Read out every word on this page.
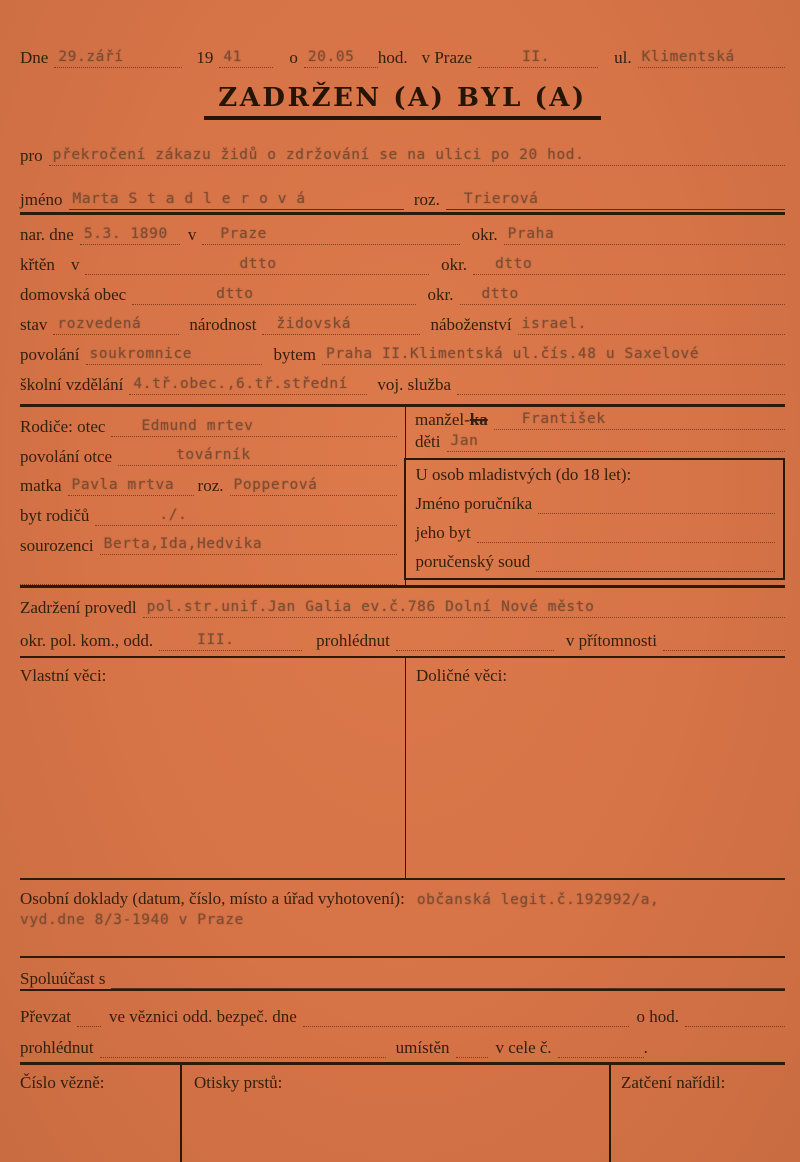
Dne 29.září	19 41	o 20.05	hod. v Praze	II.	ul. Klimentská
ZADRŽEN (A) BYL (A)
pro překročení zákazu židů o zdržování se na ulici po 20 hod.
jméno Marta S t a d l e r o v á	roz.	Trierová
nar. dne 5.3. 1890	v	Praze	okr. Praha
křtěn v	dtto	okr.	dtto
domovská obec	dtto	okr.	dtto
stav rozvedená	národnost	židovská	náboženství israel.
povolání soukromnice	bytem Praha II.Klimentská ul.čís.48 u Saxelové
školní vzdělání 4.tř.obec.,6.tř.střední	voj. služba
Rodiče: otec	Edmund mrtev
povolání otce	továrník
matka Pavla mrtva	roz. Popperová
byt rodičů	./.
sourozenci Berta,Ida,Hedvika
manžel-ka	František
děti Jan
U osob mladistvých (do 18 let):
Jméno poručníka
jeho byt
poručenský soud
Zadržení provedl pol.str.unif.Jan Galia ev.č.786 Dolní Nové město
okr. pol. kom., odd.	III.	prohlédnut	v přítomnosti
Vlastní věci:	Doličné věci:
Osobní doklady (datum, číslo, místo a úřad vyhotovení): občanská legit.č.192992/a,
vyd.dne 8/3-1940 v Praze
Spoluúčast s
Převzat	ve věznici odd. bezpeč. dne	o hod.
prohlédnut	umístěn	v cele č.	.
Číslo vězně:	Otisky prstů:	Zatčení nařídil:
